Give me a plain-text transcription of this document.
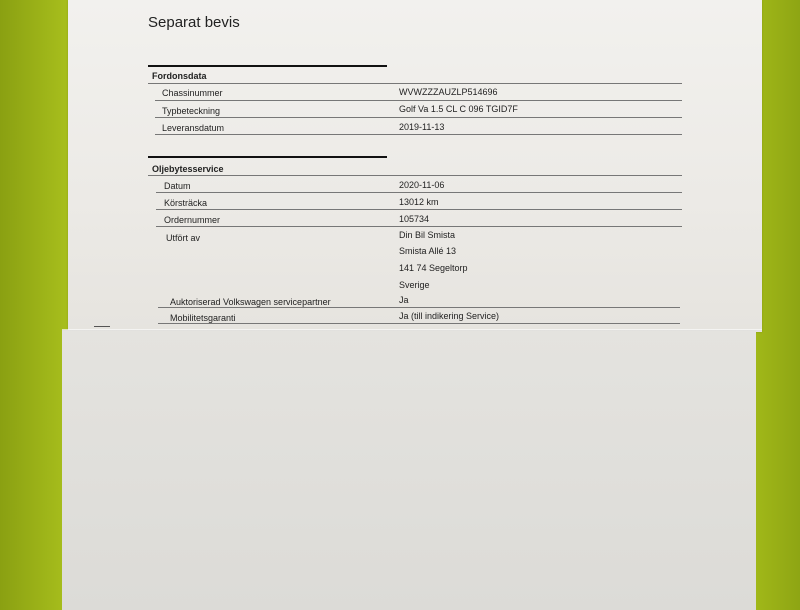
Separat bevis
Fordonsdata
Chassinummer	WVWZZZAUZLP514696
Typbeteckning	Golf Va 1.5 CL C 096 TGID7F
Leveransdatum	2019-11-13
Oljebytesservice
Datum	2020-11-06
Körsträcka	13012 km
Ordernummer	105734
Utfört av	Din Bil Smista
Smista Allé 13
141 74 Segeltorp
Sverige
Auktoriserad Volkswagen servicepartner	Ja
Mobilitetsgaranti	Ja (till indikering Service)
